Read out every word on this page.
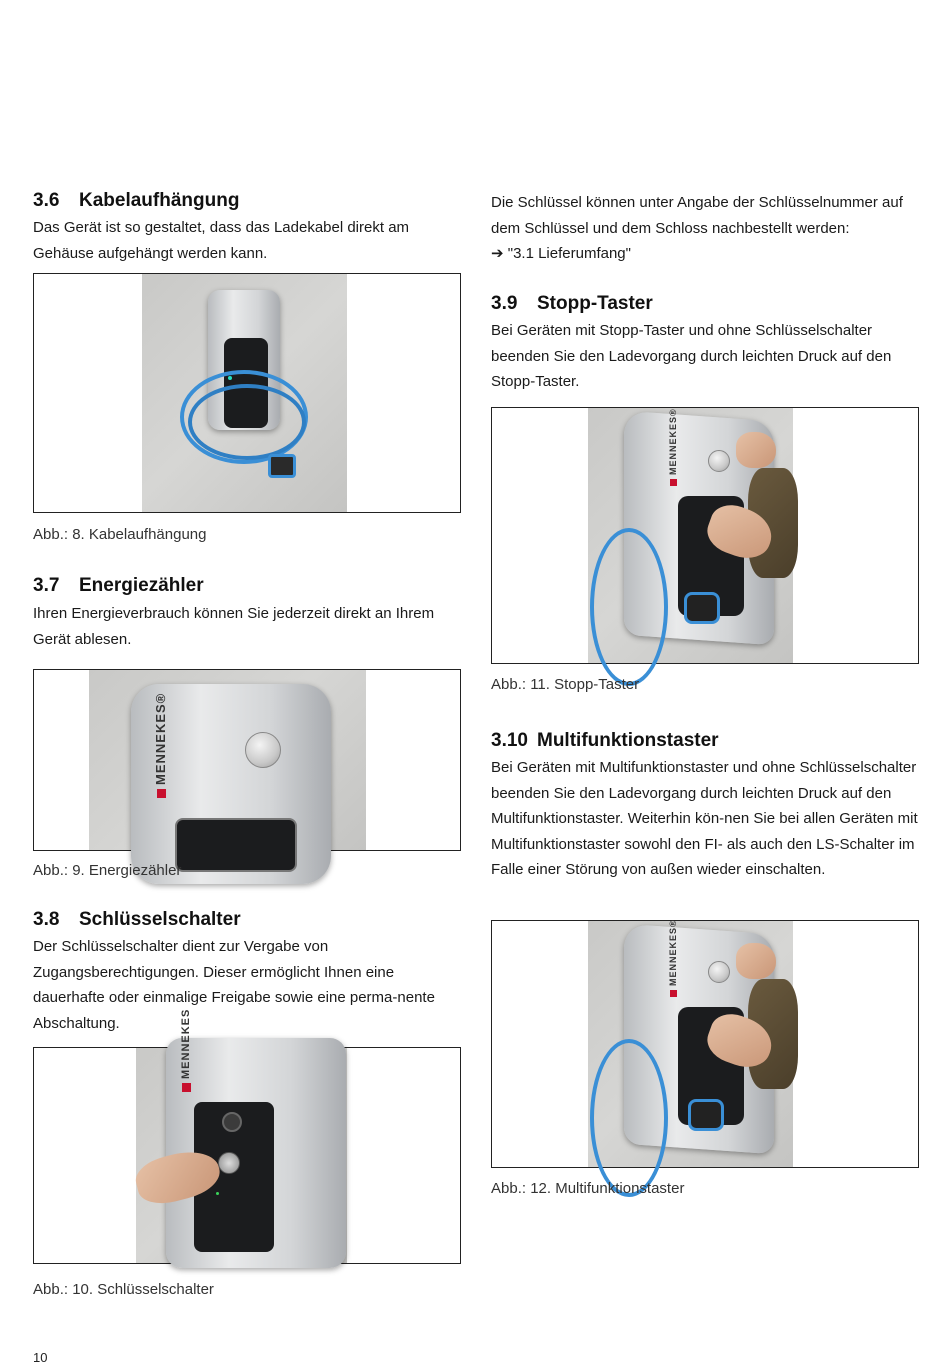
3.6 Kabelaufhängung

Das Gerät ist so gestaltet, dass das Ladekabel direkt am Gehäuse aufgehängt werden kann.

Abb.: 8. Kabelaufhängung

3.7 Energiezähler

Ihren Energieverbrauch können Sie jederzeit direkt an Ihrem Gerät ablesen.

MENNEKES®

Abb.: 9. Energiezähler

3.8 Schlüsselschalter

Der Schlüsselschalter dient zur Vergabe von Zugangsberechtigungen. Dieser ermöglicht Ihnen eine dauerhafte oder einmalige Freigabe sowie eine perma-nente Abschaltung.	MENNEKES

Abb.: 10. Schlüsselschalter

10

Die Schlüssel können unter Angabe der Schlüsselnummer auf dem Schlüssel und dem Schloss nachbestellt werden:
➔ "3.1 Lieferumfang"

3.9 Stopp-Taster

Bei Geräten mit Stopp-Taster und ohne Schlüsselschalter beenden Sie den Ladevorgang durch leichten Druck auf den Stopp-Taster.

MENNEKES®

Abb.: 11. Stopp-Taster

3.10 Multifunktionstaster

Bei Geräten mit Multifunktionstaster und ohne Schlüsselschalter beenden Sie den Ladevorgang durch leichten Druck auf den Multifunktionstaster. Weiterhin kön-nen Sie bei allen Geräten mit Multifunktionstaster sowohl den FI- als auch den LS-Schalter im Falle einer Störung von außen wieder einschalten.

MENNEKES®

Abb.: 12. Multifunktionstaster
